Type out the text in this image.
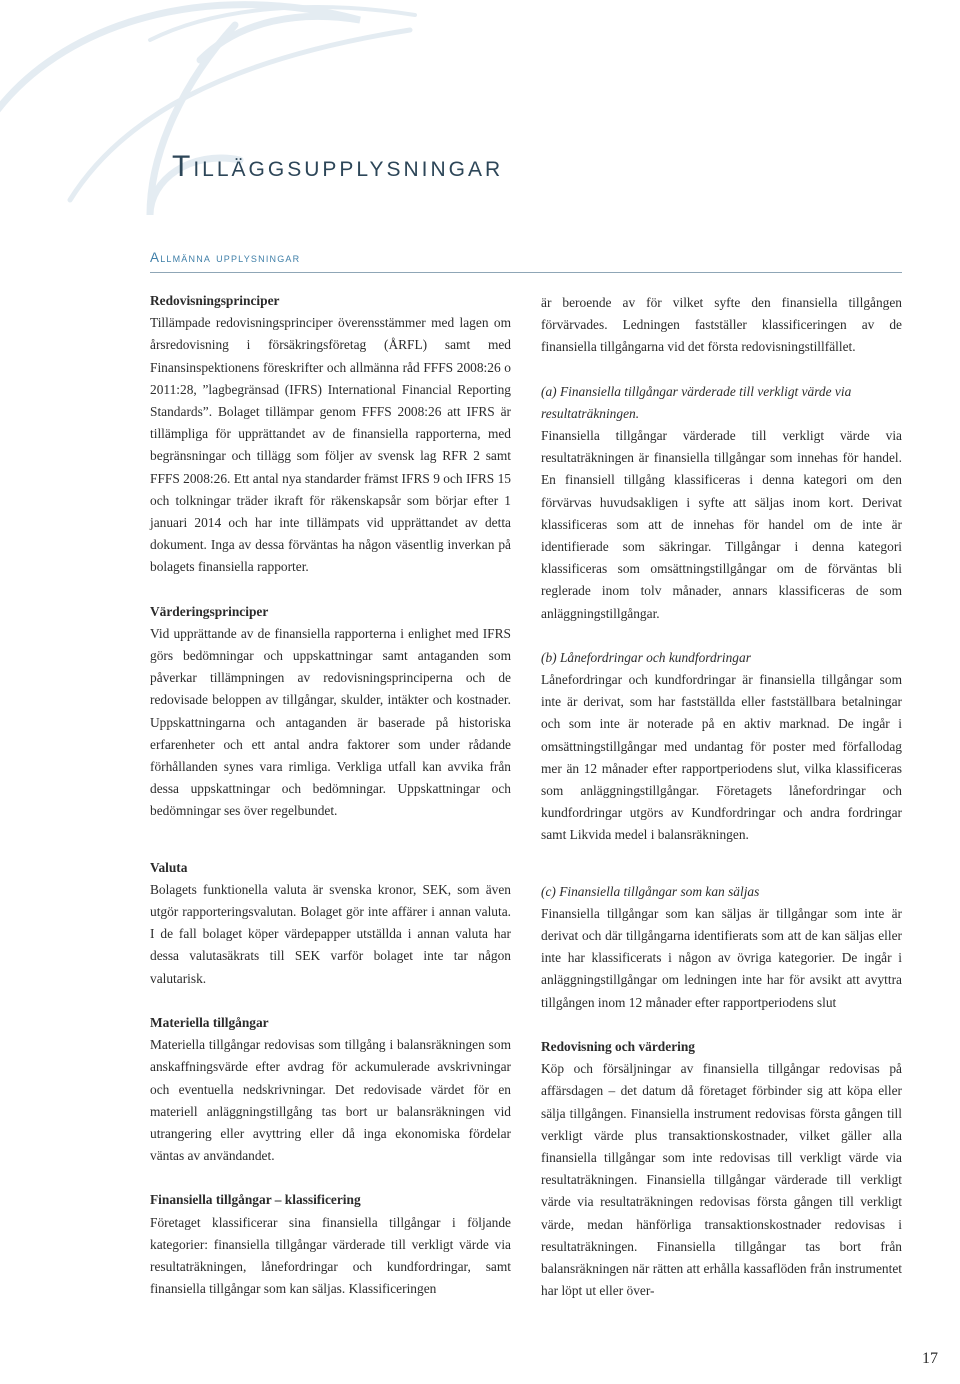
Tilläggsupplysningar
Allmänna upplysningar
Redovisningsprinciper

Tillämpade redovisningsprinciper överensstämmer med lagen om årsredovisning i försäkringsföretag (ÅRFL) samt med Finansinspektionens föreskrifter och allmänna råd FFFS 2008:26 o 2011:28, ”lagbegränsad (IFRS) International Financial Reporting Standards”. Bolaget tillämpar genom FFFS 2008:26 att IFRS är tillämpliga för upprättandet av de finansiella rapporterna, med begränsningar och tillägg som följer av svensk lag RFR 2 samt FFFS 2008:26. Ett antal nya standarder främst IFRS 9 och IFRS 15 och tolkningar träder ikraft för räkenskapsår som börjar efter 1 januari 2014 och har inte tillämpats vid upprättandet av detta dokument. Inga av dessa förväntas ha någon väsentlig inverkan på bolagets finansiella rapporter.

Värderingsprinciper

Vid upprättande av de finansiella rapporterna i enlighet med IFRS görs bedömningar och uppskattningar samt antaganden som påverkar tillämpningen av redovisningsprinciperna och de redovisade beloppen av tillgångar, skulder, intäkter och kostnader. Uppskattningarna och antaganden är baserade på historiska erfarenheter och ett antal andra faktorer som under rådande förhållanden synes vara rimliga. Verkliga utfall kan avvika från dessa uppskattningar och bedömningar. Uppskattningar och bedömningar ses över regelbundet.

Valuta

Bolagets funktionella valuta är svenska kronor, SEK, som även utgör rapporteringsvalutan. Bolaget gör inte affärer i annan valuta. I de fall bolaget köper värdepapper utställda i annan valuta har dessa valutasäkrats till SEK varför bolaget inte tar någon valutarisk.

Materiella tillgångar

Materiella tillgångar redovisas som tillgång i balansräkningen som anskaffningsvärde efter avdrag för ackumulerade avskrivningar och eventuella nedskrivningar. Det redovisade värdet för en materiell anläggningstillgång tas bort ur balansräkningen vid utrangering eller avyttring eller då inga ekonomiska fördelar väntas av användandet.

Finansiella tillgångar – klassificering

Företaget klassificerar sina finansiella tillgångar i följande kategorier: finansiella tillgångar värderade till verkligt värde via resultaträkningen, lånefordringar och kundfordringar, samt finansiella tillgångar som kan säljas. Klassificeringen

är beroende av för vilket syfte den finansiella tillgången förvärvades. Ledningen fastställer klassificeringen av de finansiella tillgångarna vid det första redovisningstillfället.

(a) Finansiella tillgångar värderade till verkligt värde via resultaträkningen.

Finansiella tillgångar värderade till verkligt värde via resultaträkningen är finansiella tillgångar som innehas för handel. En finansiell tillgång klassificeras i denna kategori om den förvärvas huvudsakligen i syfte att säljas inom kort. Derivat klassificeras som att de innehas för handel om de inte är identifierade som säkringar. Tillgångar i denna kategori klassificeras som omsättningstillgångar om de förväntas bli reglerade inom tolv månader, annars klassificeras de som anläggningstillgångar.

(b) Lånefordringar och kundfordringar

Lånefordringar och kundfordringar är finansiella tillgångar som inte är derivat, som har fastställda eller fastställbara betalningar och som inte är noterade på en aktiv marknad. De ingår i omsättningstillgångar med undantag för poster med förfallodag mer än 12 månader efter rapportperiodens slut, vilka klassificeras som anläggningstillgångar. Företagets lånefordringar och kundfordringar utgörs av Kundfordringar och andra fordringar samt Likvida medel i balansräkningen.

(c) Finansiella tillgångar som kan säljas

Finansiella tillgångar som kan säljas är tillgångar som inte är derivat och där tillgångarna identifierats som att de kan säljas eller inte har klassificerats i någon av övriga kategorier. De ingår i anläggningstillgångar om ledningen inte har för avsikt att avyttra tillgången inom 12 månader efter rapportperiodens slut

Redovisning och värdering

Köp och försäljningar av finansiella tillgångar redovisas på affärsdagen – det datum då företaget förbinder sig att köpa eller sälja tillgången. Finansiella instrument redovisas första gången till verkligt värde plus transaktionskostnader, vilket gäller alla finansiella tillgångar som inte redovisas till verkligt värde via resultaträkningen. Finansiella tillgångar värderade till verkligt värde via resultaträkningen redovisas första gången till verkligt värde, medan hänförliga transaktionskostnader redovisas i resultaträkningen. Finansiella tillgångar tas bort från balansräkningen när rätten att erhålla kassaflöden från instrumentet har löpt ut eller över-

17
